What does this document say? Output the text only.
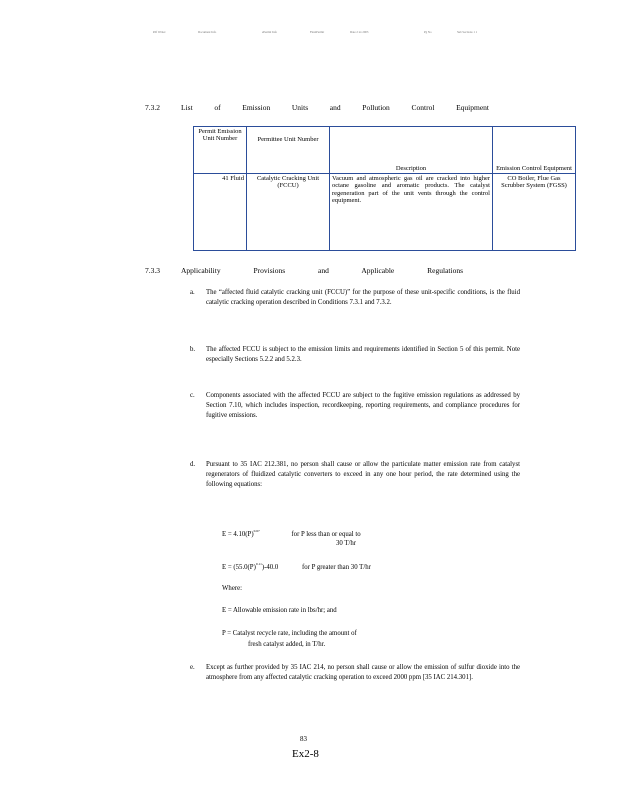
Pdf Writer	Document Info	ePermit Info	FinalPermit	Date 2 xx 2003	Pg No	Sub Sections 1 1
7.3.2	List of Emission Units and Pollution Control Equipment
Permit Emission Unit Number	Permittee Unit Number	Description	Emission Control Equipment
41 Fluid	Catalytic Cracking Unit (FCCU)	Vacuum and atmospheric gas oil are cracked into higher octane gasoline and aromatic products. The catalyst regeneration part of the unit vents through the control equipment.	CO Boiler, Flue Gas Scrubber System (FGSS)
7.3.3	Applicability Provisions and Applicable Regulations
a. The “affected fluid catalytic cracking unit (FCCU)” for the purpose of these unit-specific conditions, is the fluid catalytic cracking operation described in Conditions 7.3.1 and 7.3.2.
b. The affected FCCU is subject to the emission limits and requirements identified in Section 5 of this permit. Note especially Sections 5.2.2 and 5.2.3.
c. Components associated with the affected FCCU are subject to the fugitive emission regulations as addressed by Section 7.10, which includes inspection, recordkeeping, reporting requirements, and compliance procedures for fugitive emissions.
d. Pursuant to 35 IAC 212.381, no person shall cause or allow the particulate matter emission rate from catalyst regenerators of fluidized catalytic converters to exceed in any one hour period, the rate determined using the following equations:
$E = 4.10(P)^{0.67}$	for P less than or equal to
30 T/hr
$E = (55.0(P)^{0.11})-40.0$	for P greater than 30 T/hr
Where:
E = Allowable emission rate in lbs/hr; and
P = Catalyst recycle rate, including the amount of
fresh catalyst added, in T/hr.
e. Except as further provided by 35 IAC 214, no person shall cause or allow the emission of sulfur dioxide into the atmosphere from any affected catalytic cracking operation to exceed 2000 ppm [35 IAC 214.301].
83
Ex2-8
